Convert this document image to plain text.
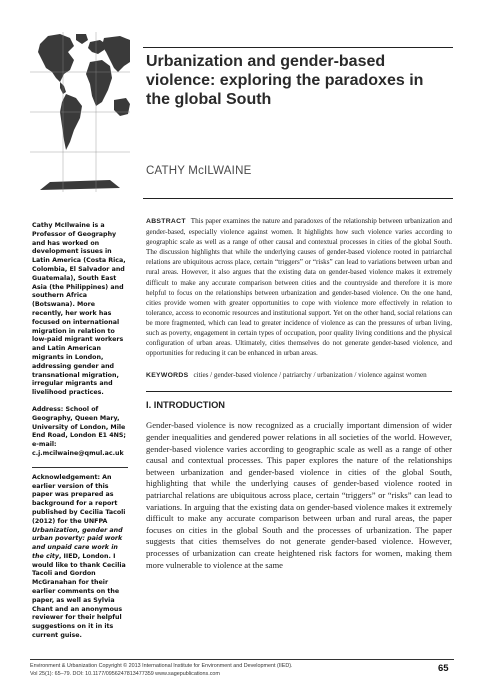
Urbanization and gender-based violence: exploring the paradoxes in the global South
CATHY McILWAINE

Cathy McIlwaine is a Professor of Geography and has worked on development issues in Latin America (Costa Rica, Colombia, El Salvador and Guatemala), South East Asia (the Philippines) and southern Africa (Botswana). More recently, her work has focused on international migration in relation to low-paid migrant workers and Latin American migrants in London, addressing gender and transnational migration, irregular migrants and livelihood practices.

Address: School of Geography, Queen Mary, University of London, Mile End Road, London E1 4NS; e-mail: c.j.mcilwaine@qmul.ac.uk

Acknowledgement: An earlier version of this paper was prepared as background for a report published by Cecilia Tacoli (2012) for the UNFPA Urbanization, gender and urban poverty: paid work and unpaid care work in the city, IIED, London. I would like to thank Cecilia Tacoli and Gordon McGranahan for their earlier comments on the paper, as well as Sylvia Chant and an anonymous reviewer for their helpful suggestions on it in its current guise.

ABSTRACT This paper examines the nature and paradoxes of the relationship between urbanization and gender-based, especially violence against women. It highlights how such violence varies according to geographic scale as well as a range of other causal and contextual processes in cities of the global South. The discussion highlights that while the underlying causes of gender-based violence rooted in patriarchal relations are ubiquitous across place, certain “triggers” or “risks” can lead to variations between urban and rural areas. However, it also argues that the existing data on gender-based violence makes it extremely difficult to make any accurate comparison between cities and the countryside and therefore it is more helpful to focus on the relationships between urbanization and gender-based violence. On the one hand, cities provide women with greater opportunities to cope with violence more effectively in relation to tolerance, access to economic resources and institutional support. Yet on the other hand, social relations can be more fragmented, which can lead to greater incidence of violence as can the pressures of urban living, such as poverty, engagement in certain types of occupation, poor quality living conditions and the physical configuration of urban areas. Ultimately, cities themselves do not generate gender-based violence, and opportunities for reducing it can be enhanced in urban areas.

KEYWORDS cities / gender-based violence / patriarchy / urbanization / violence against women

I. INTRODUCTION

Gender-based violence is now recognized as a crucially important dimension of wider gender inequalities and gendered power relations in all societies of the world. However, gender-based violence varies according to geographic scale as well as a range of other causal and contextual processes. This paper explores the nature of the relationships between urbanization and gender-based violence in cities of the global South, highlighting that while the underlying causes of gender-based violence rooted in patriarchal relations are ubiquitous across place, certain “triggers” or “risks” can lead to variations. In arguing that the existing data on gender-based violence makes it extremely difficult to make any accurate comparison between urban and rural areas, the paper focuses on cities in the global South and the processes of urbanization. The paper suggests that cities themselves do not generate gender-based violence. However, processes of urbanization can create heightened risk factors for women, making them more vulnerable to violence at the same

Environment & Urbanization Copyright © 2013 International Institute for Environment and Development (IIED).
Vol 25(1): 65–79. DOI: 10.1177/0956247813477359 www.sagepublications.com	65
